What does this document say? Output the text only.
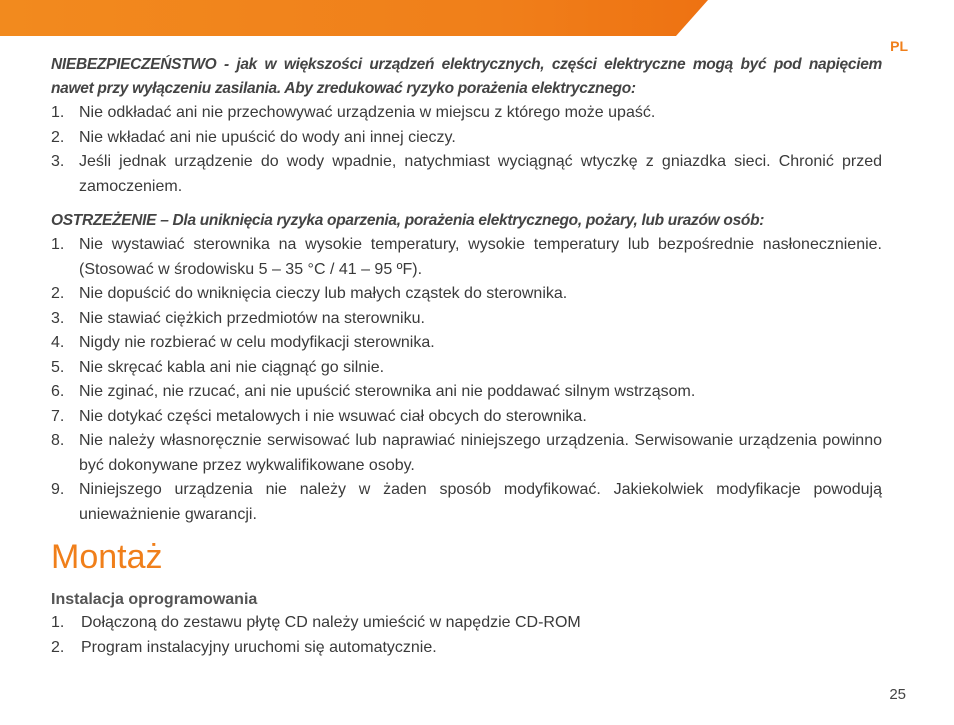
PL

NIEBEZPIECZEŃSTWO - jak w większości urządzeń elektrycznych, części elektryczne mogą być pod napięciem nawet przy wyłączeniu zasilania. Aby zredukować ryzyko porażenia elektrycznego:

1. Nie odkładać ani nie przechowywać urządzenia w miejscu z którego może upaść.
2. Nie wkładać ani nie upuścić do wody ani innej cieczy.
3. Jeśli jednak urządzenie do wody wpadnie, natychmiast wyciągnąć wtyczkę z gniazdka sieci. Chronić przed zamoczeniem.

OSTRZEŻENIE – Dla uniknięcia ryzyka oparzenia, porażenia elektrycznego, pożary, lub urazów osób:

1. Nie wystawiać sterownika na wysokie temperatury, wysokie temperatury lub bezpośrednie nasłonecznienie. (Stosować w środowisku 5 – 35 °C / 41 – 95 ºF).
2. Nie dopuścić do wniknięcia cieczy lub małych cząstek do sterownika.
3. Nie stawiać ciężkich przedmiotów na sterowniku.
4. Nigdy nie rozbierać w celu modyfikacji sterownika.
5. Nie skręcać kabla ani nie ciągnąć go silnie.
6. Nie zginać, nie rzucać, ani nie upuścić sterownika ani nie poddawać silnym wstrząsom.
7. Nie dotykać części metalowych i nie wsuwać ciał obcych do sterownika.
8. Nie należy własnoręcznie serwisować lub naprawiać niniejszego urządzenia. Serwisowanie urządzenia powinno być dokonywane przez wykwalifikowane osoby.
9. Niniejszego urządzenia nie należy w żaden sposób modyfikować. Jakiekolwiek modyfikacje powodują unieważnienie gwarancji.
Montaż
Instalacja oprogramowania
1. Dołączoną do zestawu płytę CD należy umieścić w napędzie CD-ROM
2. Program instalacyjny uruchomi się automatycznie.
25
